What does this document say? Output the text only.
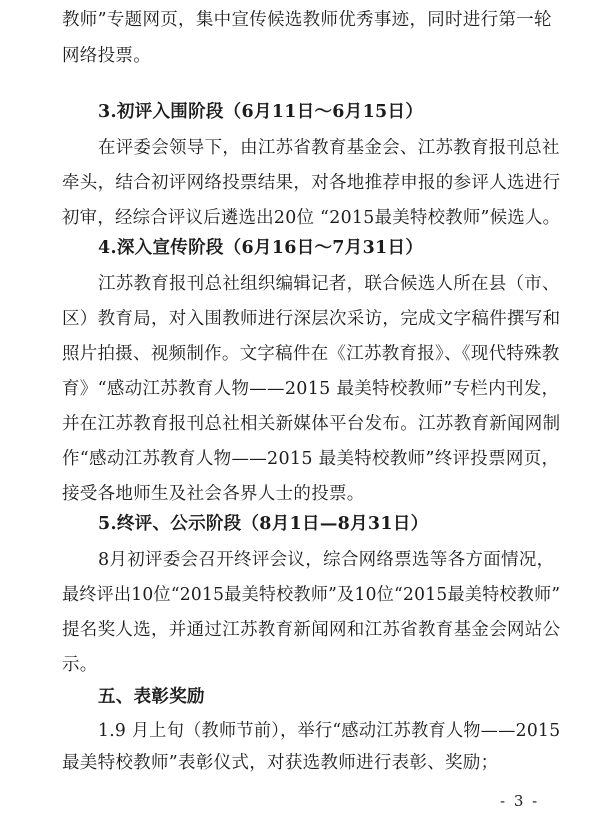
教师”专题网页，集中宣传候选教师优秀事迹，同时进行第一轮
网络投票。
3.初评入围阶段（6月11日～6月15日）
在评委会领导下，由江苏省教育基金会、江苏教育报刊总社
牵头，结合初评网络投票结果，对各地推荐申报的参评人选进行
初审，经综合评议后遴选出20位 “2015最美特校教师”候选人。
4.深入宣传阶段（6月16日～7月31日）
江苏教育报刊总社组织编辑记者，联合候选人所在县（市、
区）教育局，对入围教师进行深层次采访，完成文字稿件撰写和
照片拍摄、视频制作。文字稿件在《江苏教育报》、《现代特殊教
育》“感动江苏教育人物——2015 最美特校教师”专栏内刊发，
并在江苏教育报刊总社相关新媒体平台发布。江苏教育新闻网制
作“感动江苏教育人物——2015 最美特校教师”终评投票网页，
接受各地师生及社会各界人士的投票。
5.终评、公示阶段（8月1日—8月31日）
8月初评委会召开终评会议，综合网络票选等各方面情况，
最终评出10位“2015最美特校教师”及10位“2015最美特校教师”
提名奖人选，并通过江苏教育新闻网和江苏省教育基金会网站公
示。
五、表彰奖励
1.9 月上旬（教师节前），举行“感动江苏教育人物——2015
最美特校教师”表彰仪式，对获选教师进行表彰、奖励；
- 3 -
